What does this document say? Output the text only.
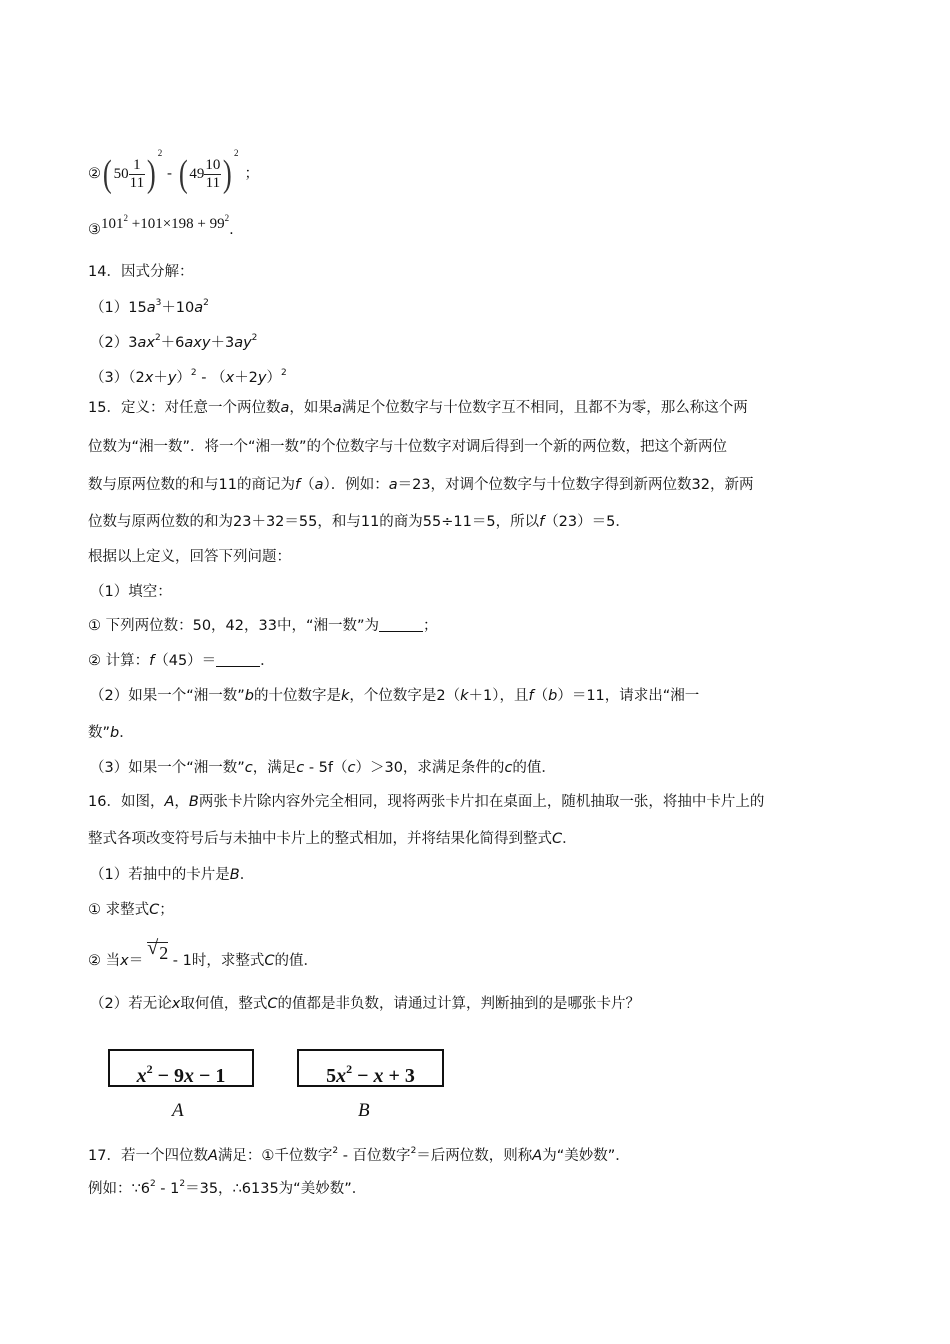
②( $50 \frac{1}{11}$ ) $^2$ - ( $49 \frac{10}{11}$ ) $^2$；
$③101^2 +101\times 198 + 99^2$.
14．因式分解：
$(1)15a^3+10a^2$
$(2)3ax^2+6axy+3ay^2$
$(3)(2x+y)^2 - (x+2y)^2$
15．定义：对任意一个两位数a，如果a满足个位数字与十位数字互不相同，且都不为零，那么称这个两
位数为“湘一数”．将一个“湘一数”的个位数字与十位数字对调后得到一个新的两位数，把这个新两位
数与原两位数的和与11的商记为f（a）．例如：a＝23，对调个位数字与十位数字得到新两位数32，新两
位数与原两位数的和为23＋32＝55，和与11的商为55÷11＝5，所以f（23）＝5．
根据以上定义，回答下列问题：
（1）填空：
① 下列两位数：50，42，33中，“湘一数”为	；
② 计算：f（45）＝	．
（2）如果一个“湘一数”b的十位数字是k，个位数字是2（k＋1），且f（b）＝11，请求出“湘一
数”b．
（3）如果一个“湘一数”c，满足c - 5f（c）＞30，求满足条件的c的值．
16．如图，A，B两张卡片除内容外完全相同，现将两张卡片扣在桌面上，随机抽取一张，将抽中卡片上的
整式各项改变符号后与未抽中卡片上的整式相加，并将结果化简得到整式C．
（1）若抽中的卡片是B．
① 求整式C；
② 当x＝
√ 2 - 1时，求整式C的值．
（2）若无论x取何值，整式C的值都是非负数，请通过计算，判断抽到的是哪张卡片？
$x^2 - 9x - 1$	$5x^2 - x + 3$
A	B
17．若一个四位数A满足：①千位数字$^2$ - 百位数字$^2$＝后两位数，则称A为“美妙数”．
例如：$\because 6^2 - 1^2=35$，∴6135为“美妙数”．
